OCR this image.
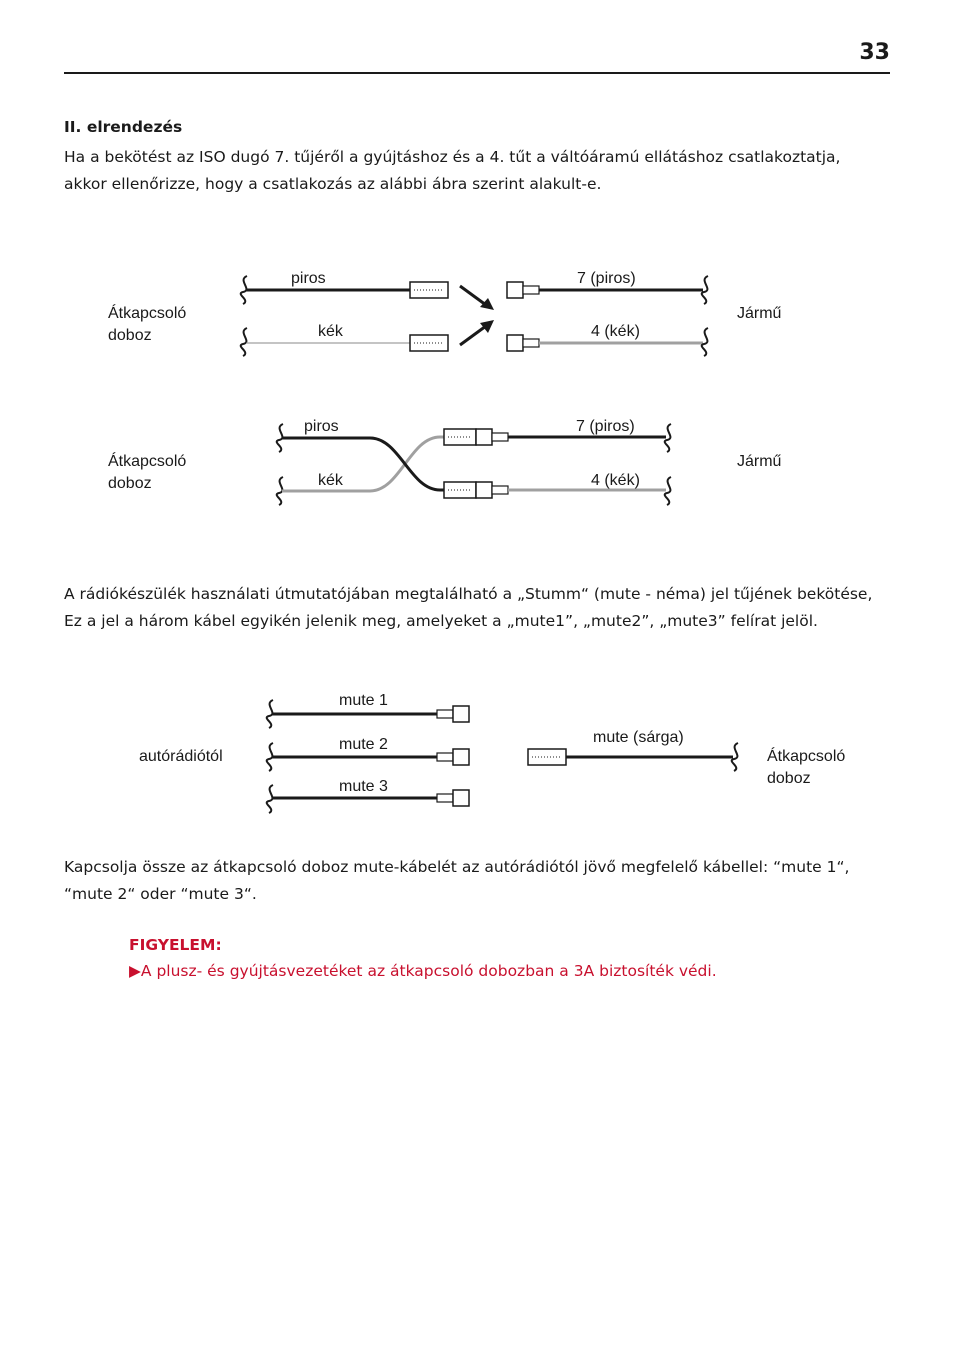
33
II. elrendezés
Ha a bekötést az ISO dugó 7. tűjéről a gyújtáshoz és a 4. tűt a váltóáramú ellátáshoz csatlakoztatja,
akkor ellenőrizze, hogy a csatlakozás az alábbi ábra szerint alakult-e.
Átkapcsoló
doboz
Jármű
piros
kék
7 (piros)
4 (kék)
Átkapcsoló
doboz
Jármű
piros
kék
7 (piros)
4 (kék)
A rádiókészülék használati útmutatójában megtalálható a „Stumm“ (mute - néma) jel tűjének bekötése,
Ez a jel a három kábel egyikén jelenik meg, amelyeket a „mute1”, „mute2”, „mute3” felírat jelöl.
autórádiótól
mute 1
mute 2
mute 3
mute (sárga)
Átkapcsoló
doboz
Kapcsolja össze az átkapcsoló doboz mute-kábelét az autórádiótól jövő megfelelő kábellel: “mute 1“,
“mute 2“ oder “mute 3“.
FIGYELEM:
▶A plusz- és gyújtásvezetéket az átkapcsoló dobozban a 3A biztosíték védi.
